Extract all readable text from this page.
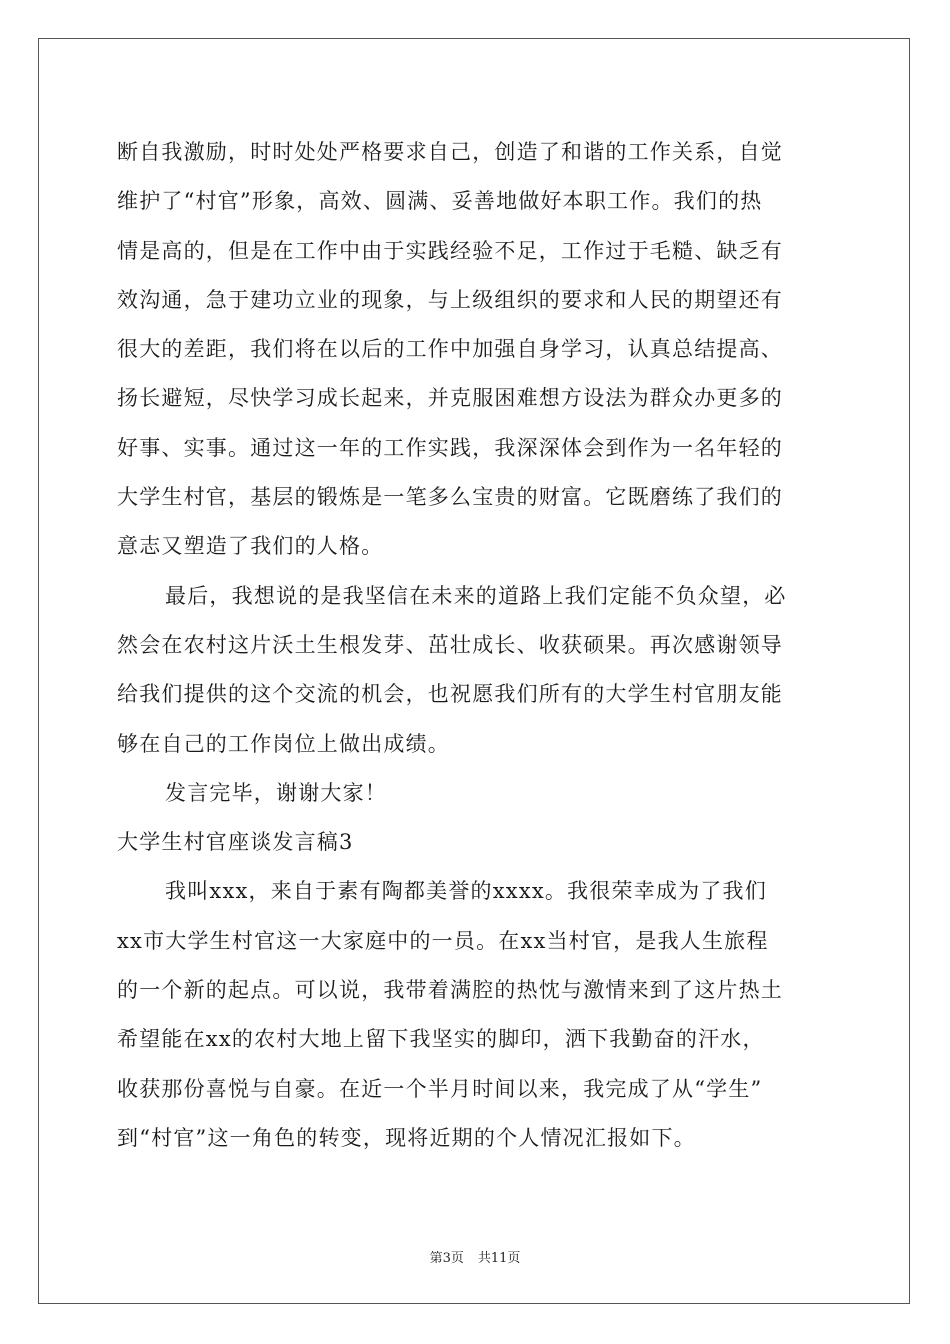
断自我激励，时时处处严格要求自己，创造了和谐的工作关系，自觉
维护了“村官”形象，高效、圆满、妥善地做好本职工作。我们的热
情是高的，但是在工作中由于实践经验不足，工作过于毛糙、缺乏有
效沟通，急于建功立业的现象，与上级组织的要求和人民的期望还有
很大的差距，我们将在以后的工作中加强自身学习，认真总结提高、
扬长避短，尽快学习成长起来，并克服困难想方设法为群众办更多的
好事、实事。通过这一年的工作实践，我深深体会到作为一名年轻的
大学生村官，基层的锻炼是一笔多么宝贵的财富。它既磨练了我们的
意志又塑造了我们的人格。
最后，我想说的是我坚信在未来的道路上我们定能不负众望，必
然会在农村这片沃土生根发芽、茁壮成长、收获硕果。再次感谢领导
给我们提供的这个交流的机会，也祝愿我们所有的大学生村官朋友能
够在自己的工作岗位上做出成绩。
发言完毕，谢谢大家！
大学生村官座谈发言稿3
我叫xxx，来自于素有陶都美誉的xxxx。我很荣幸成为了我们
xx市大学生村官这一大家庭中的一员。在xx当村官，是我人生旅程
的一个新的起点。可以说，我带着满腔的热忱与激情来到了这片热土
希望能在xx的农村大地上留下我坚实的脚印，洒下我勤奋的汗水，
收获那份喜悦与自豪。在近一个半月时间以来，我完成了从“学生”
到“村官”这一角色的转变，现将近期的个人情况汇报如下。
第3页 共11页
